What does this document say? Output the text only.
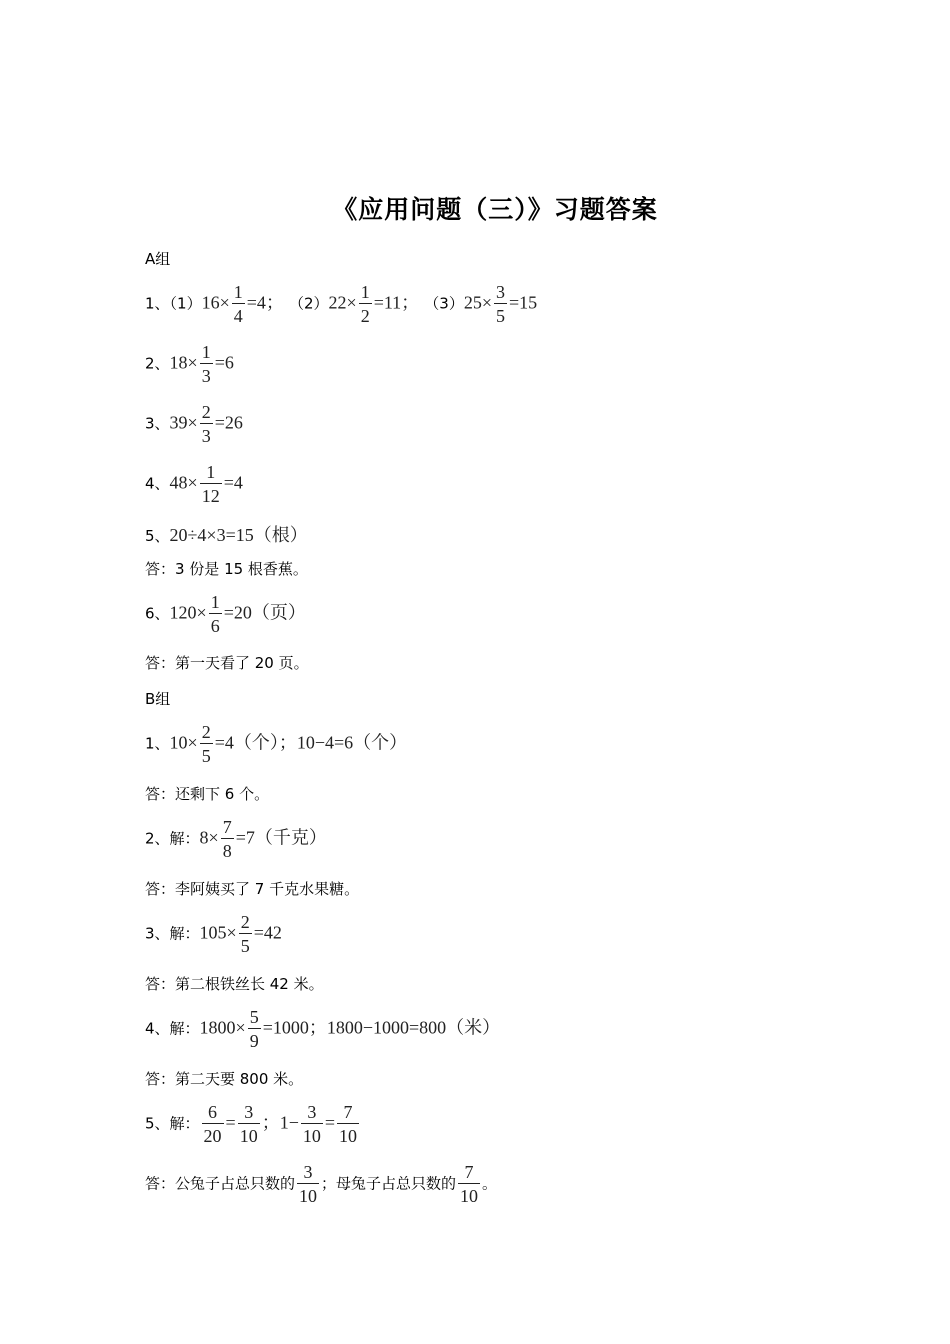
《应用问题（三）》习题答案
A组
1、$(1)16\times \frac{1}{4} =4$； $(2)22\times \frac{1}{2} =11$； $(3)25\times \frac{3}{5} =15$
2、$18\times \frac{1}{3} =6$
3、$39\times \frac{2}{3} =26$
4、$48\times \frac{1}{12} =4$
5、20÷4×3=15（根）
答：3 份是 15 根香蕉。
6、$120\times \frac{1}{6} =20$（页）
答：第一天看了 20 页。
B组
1、$10\times \frac{2}{5} =4$（个）；10−4=6（个）
答：还剩下 6 个。
2、解：$8\times \frac{7}{8} =7$（千克）
答：李阿姨买了 7 千克水果糖。
3、解：$105\times \frac{2}{5} =42$
答：第二根铁丝长 42 米。
4、解：$1800\times \frac{5}{9} =1000$；1800−1000=800（米）
答：第二天要 800 米。
5、解： $\frac{6}{20} = \frac{3}{10}$ ；$1- \frac{3}{10} = \frac{7}{10}$
答：公兔子占总只数的 $\frac{3}{10}$ ；母兔子占总只数的 $\frac{7}{10}$ 。
